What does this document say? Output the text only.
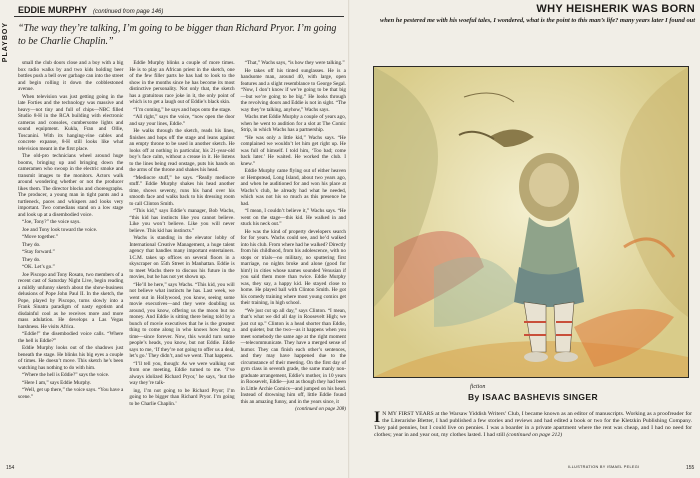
PLAYBOY
EDDIE MURPHY (continued from page 146)
“The way they’re talking, I’m going to be bigger than Richard Pryor. I’m going to be Charlie Chaplin.”

small the club doors close and a boy with a big box radio walks by and two kids holding beer bottles push a bell over garbage can into the street and begin rolling it down the cobblestoned avenue.

When television was just getting going in the late Forties and the technology was massive and heavy—not tiny and full of chips—NBC filled Studio 8-H in the RCA building with electronic cameras and consoles, cumbersome lights and sound equipment. Kukla, Fran and Ollie, Toscanini. With its hanging-vine cables and concrete expanse, 8-H still looks like what television meant in the first place.

The old-pro technicians wheel around huge booms, bringing up and bringing down the cameramen who swoop in the electric smoke and transmit images to the monitors. Actors walk around wondering whether or not the producer likes them. The director blocks and choreographs. The producer, a young man in tight pants and a turtleneck, paces and whispers and looks very important. Two comedians stand on a low stage and look up at a disembodied voice.

“Joe, Tony?” the voice says.

Joe and Tony look toward the voice.

“Move together.”

They do.

“Stay forward.”

They do.

“OK. Let’s go.”

Joe Piscopo and Tony Rosato, two members of a recent cast of Saturday Night Live, begin reading a mildly unfunny sketch about the show-business delusions of Pope John Paul II. In the sketch, the Pope, played by Piscopo, turns slowly into a Frank Sinatra paradigm of nasty egotism and disdainful cool as he receives more and more mass adulation. He develops a Las Vegas harshness. He visits Africa.

“Eddie!” the disembodied voice calls. “Where the hell is Eddie?”

Eddie Murphy looks out of the shadows just beneath the stage. He blinks his big eyes a couple of times. He doesn’t move. This sketch he’s been watching has nothing to do with him.

“Where the hell is Eddie?” says the voice.

“Here I am,” says Eddie Murphy.

“Well, get up there,” the voice says. “You have a scene.”

Eddie Murphy blinks a couple of more times. He is to play an African priest in the sketch, one of the few filler parts he has had to look to the show in the months since he has become its most distinctive personality. Not only that, the sketch has a gratuitous race joke in it, the only point of which is to get a laugh out of Eddie’s black skin.

“I’m coming,” he says and hops onto the stage.

“All right,” says the voice, “now open the door and say your lines, Eddie.”

He walks through the sketch, reads his lines, finishes and hops off the stage and leans against an empty throne to be used in another sketch. He looks off at nothing in particular, his 21-year-old boy’s face calm, without a crease in it. He listens to the lines being read onstage, puts his hands on the arms of the throne and shakes his head.

“Mediocre stuff,” he says. “Really mediocre stuff.” Eddie Murphy shakes his head another time, shows seventy, runs his hand over his smooth face and walks back to his dressing room to call Clinton Smith.

“This kid,” says Eddie’s manager, Bob Wachs, “this kid has instincts like you cannot believe. Like you won’t believe. Like you will never believe. This kid has instincts.”

Wachs is standing in the elevator lobby of International Creative Management, a huge talent agency that handles many important entertainers. I.C.M. takes up offices on several floors in a skyscraper on 55th Street in Manhattan. Eddie is to meet Wachs there to discuss his future in the movies, but he has not yet shown up.

“He’ll be here,” says Wachs. “This kid, you will not believe what instincts he has. Last week, we went out in Hollywood, you know, seeing some movie executives—and they were doubling us around, you know, offering us the moon but no money. And Eddie is sitting there being told by a bunch of movie executives that he is the greatest thing to come along in who knows how long a time—since forever. Now, this would turn some people’s heads, you know, but not Eddie. Eddie says to me, ‘If they’re not going to offer us a deal, let’s go.’ They didn’t, and we went. That happens.

“I’ll tell you, though: As we were walking out from one meeting, Eddie turned to me. ‘I’ve always idolized Richard Pryor,’ he says, ‘but the way they’re talk-

ing, I’m not going to be Richard Pryor; I’m going to be bigger than Richard Pryor. I’m going to be Charlie Chaplin.’

“That,” Wachs says, “is how they were talking.”

He takes off his tinted sunglasses. He is a handsome man, around 40, with large, open features and a slight resemblance to George Segal. “Now, I don’t know if we’re going to be that big—but we’re going to be big.” He looks through the revolving doors and Eddie is not in sight. “The way they’re talking, anyhow,” Wachs says.

Wachs met Eddie Murphy a couple of years ago, when he went to audition for a slot at The Comic Strip, in which Wachs has a partnership.

“He was only a little kid,” Wachs says. “He complained we wouldn’t let him get right up. He was full of himself. I told him, ‘Too bad; come back later.’ He waited. He worked the club. I knew.”

Eddie Murphy came flying out of either heaven or Hempstead, Long Island, about two years ago, and when he auditioned for and won his place at Wachs’s club, he already had what he needed, which was not his so much as this presence he had.

“I mean, I couldn’t believe it,” Wachs says. “He went on the stage—this kid. He walked in and stuck his neck out.”

He was the kind of property developers search for for years. Wachs could see, and he’d walked into his club. From where had he walked? Directly from his childhood, from his adolescence, with no stops or trials—no military, no sputtering first marriage, no nights broke and alone (good for him!) in cities whose names sounded Venusian if you said them more than twice. Eddie Murphy was, they say, a happy kid. He stayed close to home. He played ball with Clinton Smith. He got his comedy training where most young comics get their training, in high school.

“We just cut up all day,” says Clinton. “I mean, that’s what we did all day in Roosevelt High; we just cut up.” Clinton is a head shorter than Eddie, and quieter, but the two—as it happens when you meet somebody the same age at the right moment—telecommunicate. They have a merged sense of humor. They can finish each other’s sentences, and they may have happened due to the circumstance of their meeting. On the first day of gym class in seventh grade, the same manly non-graduate arrangement, Eddie’s mother, in 10 years in Roosevelt, Eddie—just as though they had been in Little Archie Comics—and jumped on his head. Instead of drowning him off, little Eddie found this an amazing funny, and in the years since, it

(continued on page 208)

154
WHY HEISHERIK WAS BORN
when he pestered me with his woeful tales, I wondered, what is the point to this man’s life? many years later I found out
fiction
By ISAAC BASHEVIS SINGER
I N MY FIRST YEARS at the Warsaw Yiddish Writers’ Club, I became known as an editor of manuscripts. Working as a proofreader for the Literarishe Bletter, I had published a few stories and reviews and had edited a book or two for the Kletzkin Publishing Company. They paid pennies, but I could live on pennies. I was a boarder in a private apartment where the rent was cheap, and I had no need for clothes; year in and year out, my clothes lasted. I had still (continued on page 212)
ILLUSTRATION BY ISMAEL PELEGI	155
